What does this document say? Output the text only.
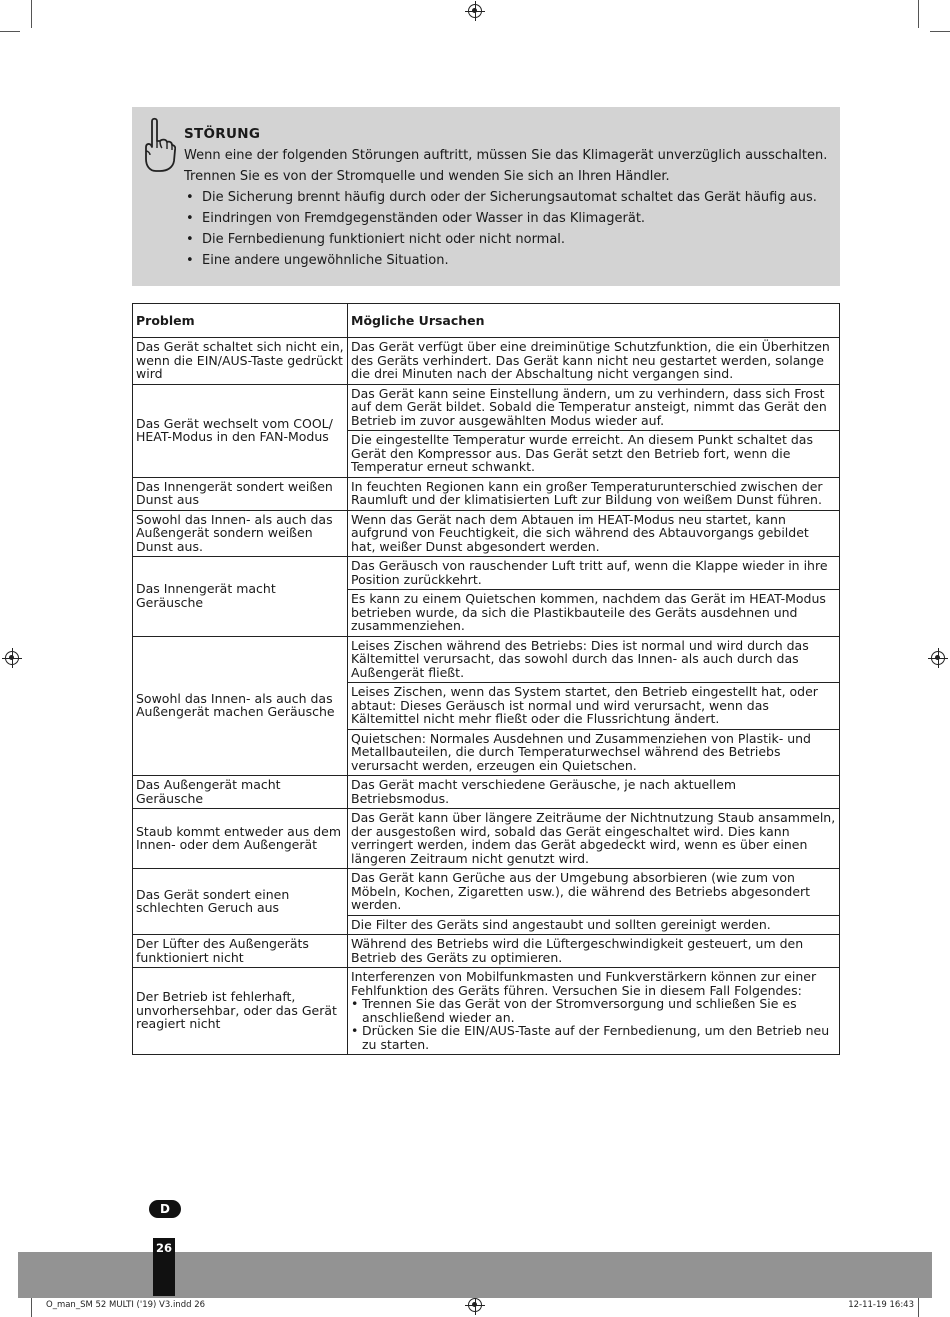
STÖRUNG
Wenn eine der folgenden Störungen auftritt, müssen Sie das Klimagerät unverzüglich ausschalten. Trennen Sie es von der Stromquelle und wenden Sie sich an Ihren Händler.
• Die Sicherung brennt häufig durch oder der Sicherungsautomat schaltet das Gerät häufig aus.
• Eindringen von Fremdgegenständen oder Wasser in das Klimagerät.
• Die Fernbedienung funktioniert nicht oder nicht normal.
• Eine andere ungewöhnliche Situation.
Problem	Mögliche Ursachen
Das Gerät schaltet sich nicht ein, wenn die EIN/AUS-Taste gedrückt wird	Das Gerät verfügt über eine dreiminütige Schutzfunktion, die ein Überhitzen des Geräts verhindert. Das Gerät kann nicht neu gestartet werden, solange die drei Minuten nach der Abschaltung nicht vergangen sind.
Das Gerät wechselt vom COOL/ HEAT-Modus in den FAN-Modus	Das Gerät kann seine Einstellung ändern, um zu verhindern, dass sich Frost auf dem Gerät bildet. Sobald die Temperatur ansteigt, nimmt das Gerät den Betrieb im zuvor ausgewählten Modus wieder auf.
	Die eingestellte Temperatur wurde erreicht. An diesem Punkt schaltet das Gerät den Kompressor aus. Das Gerät setzt den Betrieb fort, wenn die Temperatur erneut schwankt.
Das Innengerät sondert weißen Dunst aus	In feuchten Regionen kann ein großer Temperaturunterschied zwischen der Raumluft und der klimatisierten Luft zur Bildung von weißem Dunst führen.
Sowohl das Innen- als auch das Außengerät sondern weißen Dunst aus.	Wenn das Gerät nach dem Abtauen im HEAT-Modus neu startet, kann aufgrund von Feuchtigkeit, die sich während des Abtauvorgangs gebildet hat, weißer Dunst abgesondert werden.
Das Innengerät macht Geräusche	Das Geräusch von rauschender Luft tritt auf, wenn die Klappe wieder in ihre Position zurückkehrt.
	Es kann zu einem Quietschen kommen, nachdem das Gerät im HEAT-Modus betrieben wurde, da sich die Plastikbauteile des Geräts ausdehnen und zusammenziehen.
Sowohl das Innen- als auch das Außengerät machen Geräusche	Leises Zischen während des Betriebs: Dies ist normal und wird durch das Kältemittel verursacht, das sowohl durch das Innen- als auch durch das Außengerät fließt.
	Leises Zischen, wenn das System startet, den Betrieb eingestellt hat, oder abtaut: Dieses Geräusch ist normal und wird verursacht, wenn das Kältemittel nicht mehr fließt oder die Flussrichtung ändert.
	Quietschen: Normales Ausdehnen und Zusammenziehen von Plastik- und Metallbauteilen, die durch Temperaturwechsel während des Betriebs verursacht werden, erzeugen ein Quietschen.
Das Außengerät macht Geräusche	Das Gerät macht verschiedene Geräusche, je nach aktuellem Betriebsmodus.
Staub kommt entweder aus dem Innen- oder dem Außengerät	Das Gerät kann über längere Zeiträume der Nichtnutzung Staub ansammeln, der ausgestoßen wird, sobald das Gerät eingeschaltet wird. Dies kann verringert werden, indem das Gerät abgedeckt wird, wenn es über einen längeren Zeitraum nicht genutzt wird.
Das Gerät sondert einen schlechten Geruch aus	Das Gerät kann Gerüche aus der Umgebung absorbieren (wie zum von Möbeln, Kochen, Zigaretten usw.), die während des Betriebs abgesondert werden.
	Die Filter des Geräts sind angestaubt und sollten gereinigt werden.
Der Lüfter des Außengeräts funktioniert nicht	Während des Betriebs wird die Lüftergeschwindigkeit gesteuert, um den Betrieb des Geräts zu optimieren.
Der Betrieb ist fehlerhaft, unvorhersehbar, oder das Gerät reagiert nicht	Interferenzen von Mobilfunkmasten und Funkverstärkern können zur einer Fehlfunktion des Geräts führen. Versuchen Sie in diesem Fall Folgendes:
• Trennen Sie das Gerät von der Stromversorgung und schließen Sie es anschließend wieder an.
• Drücken Sie die EIN/AUS-Taste auf der Fernbedienung, um den Betrieb neu zu starten.
D
26
O_man_SM 52 MULTI ('19) V3.indd 26	12-11-19 16:43
